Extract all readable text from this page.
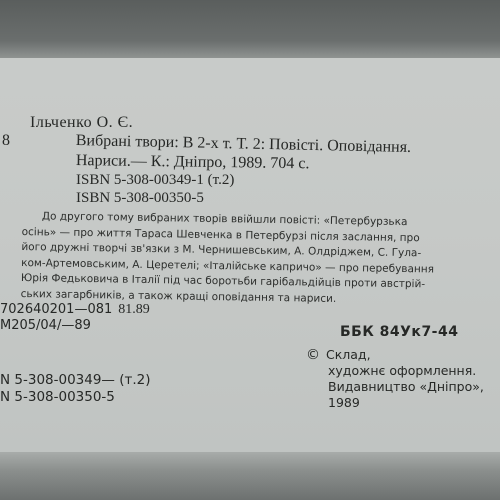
8
Ільченко О. Є.
Вибрані твори: В 2-х т. Т. 2: Повісті. Оповідання.
Нариси.— К.: Дніпро, 1989. 704 с.
ISBN 5-308-00349-1 (т.2)
ISBN 5-308-00350-5
До другого тому вибраних творів ввійшли повісті: «Петербурзька
осінь» — про життя Тараса Шевченка в Петербурзі після заслання, про
його дружні творчі зв'язки з М. Чернишевським, А. Олдріджем, С. Гула-
ком-Артемовським, А. Церетелі; «Італійське капричо» — про перебування
Юрія Федьковича в Італії під час боротьби гарібальдійців проти австрій-
ських загарбників, а також кращі оповідання та нариси.
702640201—081 81.89
M205/04/—89	ББК 84Ук7-44
© Склад,
художнє оформлення.
Видавництво «Дніпро»,
1989
N 5-308-00349— (т.2)
N 5-308-00350-5
